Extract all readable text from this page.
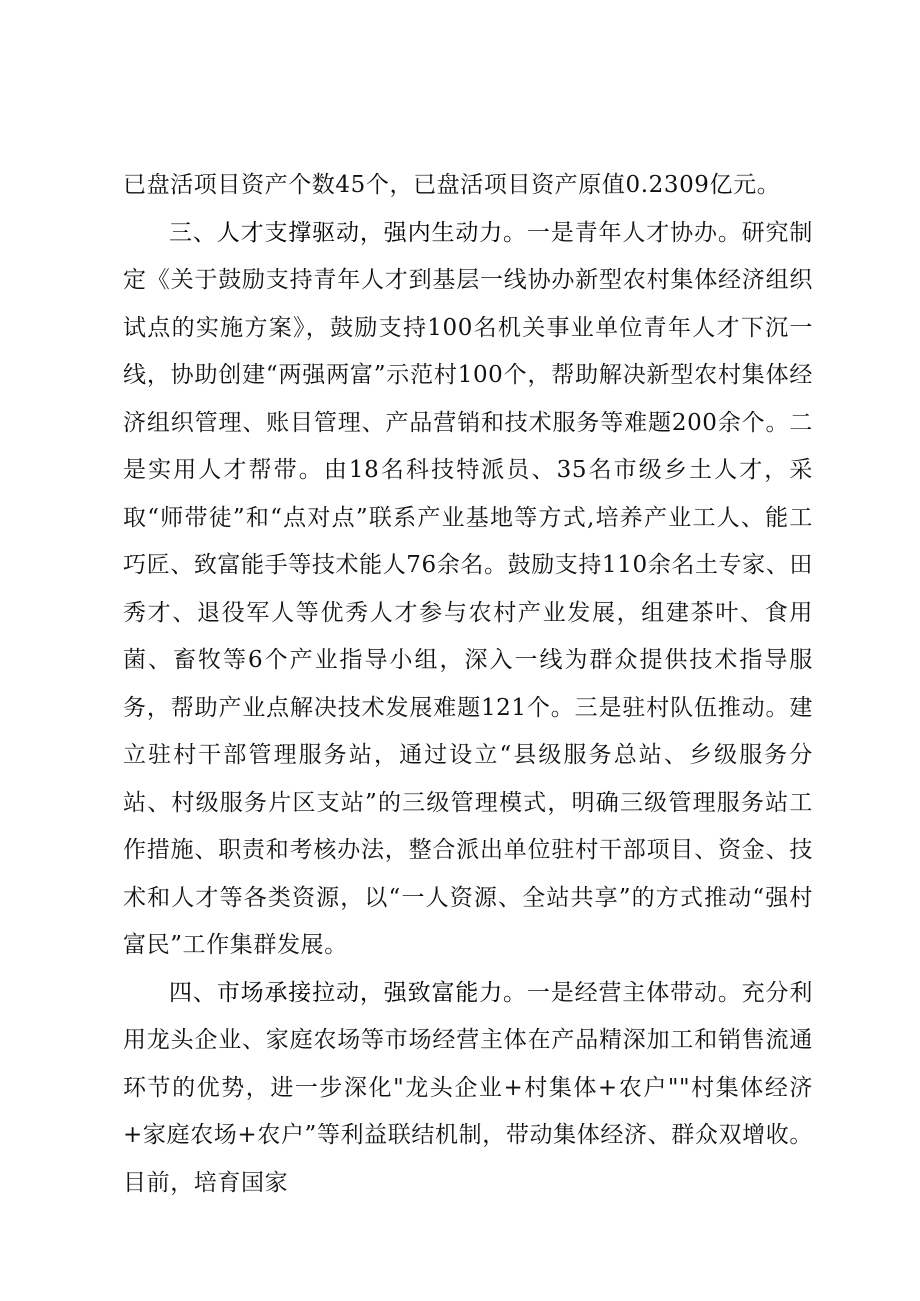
已盘活项目资产个数45个，已盘活项目资产原值0.2309亿元。

三、人才支撑驱动，强内生动力。一是青年人才协办。研究制定《关于鼓励支持青年人才到基层一线协办新型农村集体经济组织试点的实施方案》，鼓励支持100名机关事业单位青年人才下沉一线，协助创建“两强两富”示范村100个，帮助解决新型农村集体经济组织管理、账目管理、产品营销和技术服务等难题200余个。二是实用人才帮带。由18名科技特派员、35名市级乡土人才，采取“师带徒”和“点对点”联系产业基地等方式,培养产业工人、能工巧匠、致富能手等技术能人76余名。鼓励支持110余名土专家、田秀才、退役军人等优秀人才参与农村产业发展，组建茶叶、食用菌、畜牧等6个产业指导小组，深入一线为群众提供技术指导服务，帮助产业点解决技术发展难题121个。三是驻村队伍推动。建立驻村干部管理服务站，通过设立“县级服务总站、乡级服务分站、村级服务片区支站”的三级管理模式，明确三级管理服务站工作措施、职责和考核办法，整合派出单位驻村干部项目、资金、技术和人才等各类资源，以“一人资源、全站共享”的方式推动“强村富民”工作集群发展。

四、市场承接拉动，强致富能力。一是经营主体带动。充分利用龙头企业、家庭农场等市场经营主体在产品精深加工和销售流通环节的优势，进一步深化"龙头企业+村集体+农户""村集体经济+家庭农场+农户”等利益联结机制，带动集体经济、群众双增收。目前，培育国家
